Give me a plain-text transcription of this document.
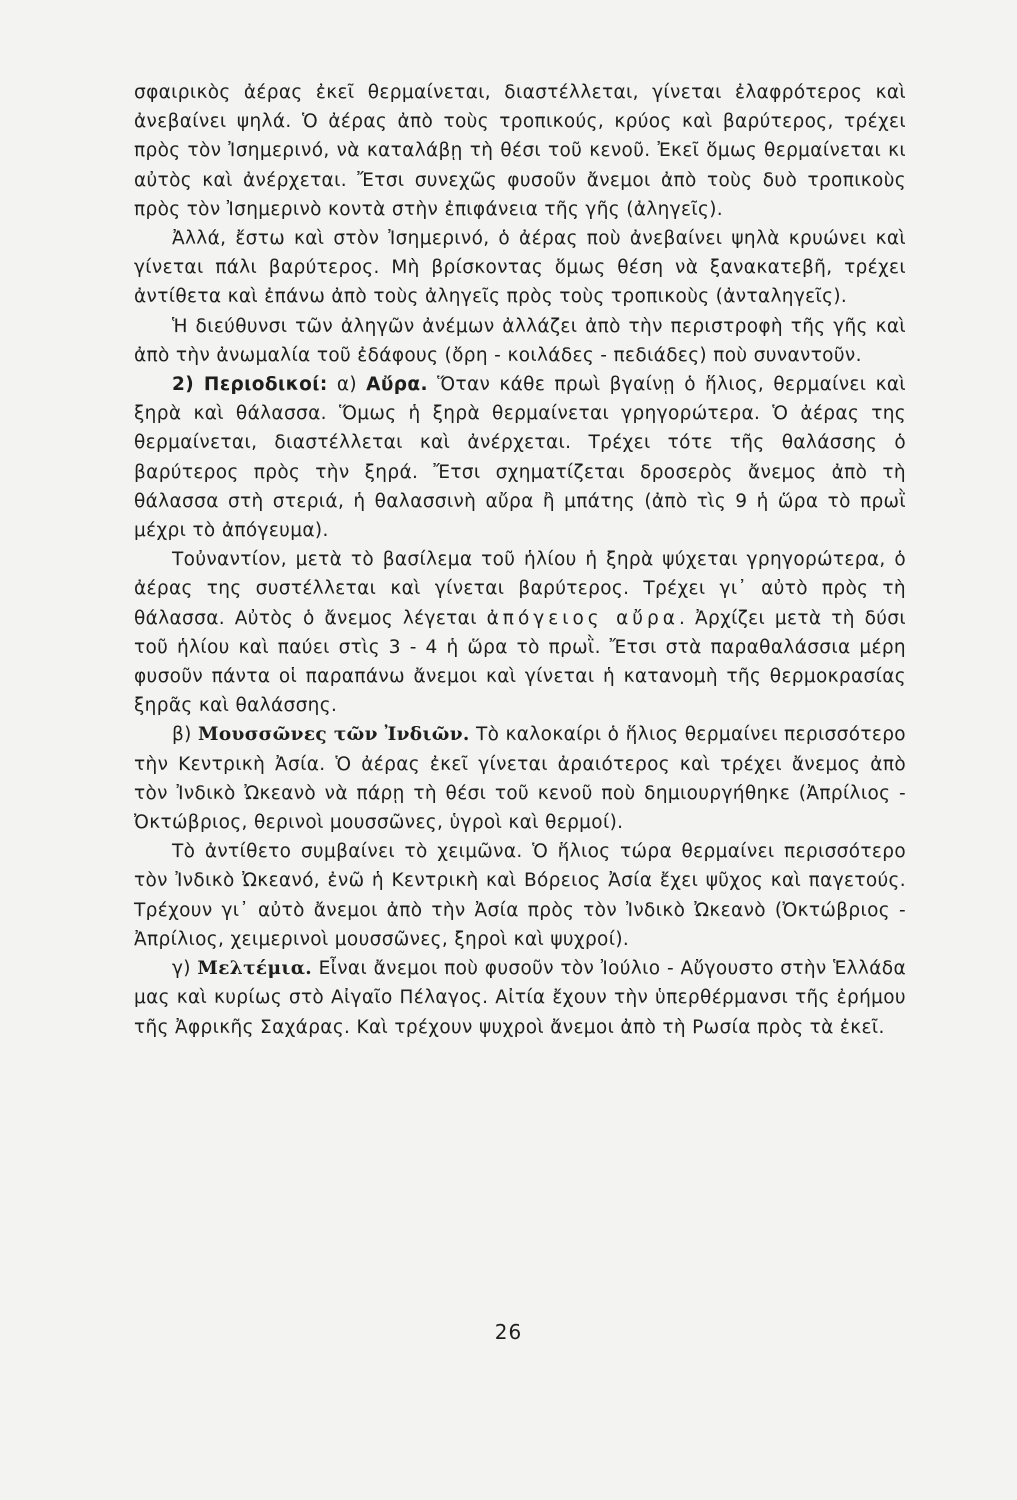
σφαιρικὸς ἀέρας ἐκεῖ θερμαίνεται, διαστέλλεται, γίνεται ἐλαφρότερος καὶ ἀνεβαίνει ψηλά. Ὁ ἀέρας ἀπὸ τοὺς τροπικούς, κρύος καὶ βαρύτερος, τρέχει πρὸς τὸν Ἰσημερινό, νὰ καταλάβῃ τὴ θέσι τοῦ κενοῦ. Ἐκεῖ ὅμως θερμαίνεται κι αὐτὸς καὶ ἀνέρχεται. Ἔτσι συνεχῶς φυσοῦν ἄνεμοι ἀπὸ τοὺς δυὸ τροπικοὺς πρὸς τὸν Ἰσημερινὸ κοντὰ στὴν ἐπιφάνεια τῆς γῆς (ἀληγεῖς).

Ἀλλά, ἔστω καὶ στὸν Ἰσημερινό, ὁ ἀέρας ποὺ ἀνεβαίνει ψηλὰ κρυώνει καὶ γίνεται πάλι βαρύτερος. Μὴ βρίσκοντας ὅμως θέση νὰ ξανακατεβῆ, τρέχει ἀντίθετα καὶ ἐπάνω ἀπὸ τοὺς ἀληγεῖς πρὸς τοὺς τροπικοὺς (ἀνταληγεῖς).

Ἡ διεύθυνσι τῶν ἀληγῶν ἀνέμων ἀλλάζει ἀπὸ τὴν περιστροφὴ τῆς γῆς καὶ ἀπὸ τὴν ἀνωμαλία τοῦ ἐδάφους (ὄρη - κοιλάδες - πεδιάδες) ποὺ συναντοῦν.

2) Περιοδικοί: α) Αὔρα. Ὅταν κάθε πρωὶ βγαίνῃ ὁ ἥλιος, θερμαίνει καὶ ξηρὰ καὶ θάλασσα. Ὅμως ἡ ξηρὰ θερμαίνεται γρηγορώτερα. Ὁ ἀέρας της θερμαίνεται, διαστέλλεται καὶ ἀνέρχεται. Τρέχει τότε τῆς θαλάσσης ὁ βαρύτερος πρὸς τὴν ξηρά. Ἔτσι σχηματίζεται δροσερὸς ἄνεμος ἀπὸ τὴ θάλασσα στὴ στεριά, ἡ θαλασσινὴ αὔρα ἢ μπάτης (ἀπὸ τὶς 9 ἡ ὥρα τὸ πρωῒ μέχρι τὸ ἀπόγευμα).

Τοὐναντίον, μετὰ τὸ βασίλεμα τοῦ ἡλίου ἡ ξηρὰ ψύχεται γρηγορώτερα, ὁ ἀέρας της συστέλλεται καὶ γίνεται βαρύτερος. Τρέχει γι᾽ αὐτὸ πρὸς τὴ θάλασσα. Αὐτὸς ὁ ἄνεμος λέγεται ἀπόγειος αὔρα. Ἀρχίζει μετὰ τὴ δύσι τοῦ ἡλίου καὶ παύει στὶς 3 - 4 ἡ ὥρα τὸ πρωῒ. Ἔτσι στὰ παραθαλάσσια μέρη φυσοῦν πάντα οἱ παραπάνω ἄνεμοι καὶ γίνεται ἡ κατανομὴ τῆς θερμοκρασίας ξηρᾶς καὶ θαλάσσης.

β) Μουσσῶνες τῶν Ἰνδιῶν. Τὸ καλοκαίρι ὁ ἥλιος θερμαίνει περισσότερο τὴν Κεντρικὴ Ἀσία. Ὁ ἀέρας ἐκεῖ γίνεται ἀραιότερος καὶ τρέχει ἄνεμος ἀπὸ τὸν Ἰνδικὸ Ὠκεανὸ νὰ πάρῃ τὴ θέσι τοῦ κενοῦ ποὺ δημιουργήθηκε (Ἀπρίλιος - Ὀκτώβριος, θερινοὶ μουσσῶνες, ὑγροὶ καὶ θερμοί).

Τὸ ἀντίθετο συμβαίνει τὸ χειμῶνα. Ὁ ἥλιος τώρα θερμαίνει περισσότερο τὸν Ἰνδικὸ Ὠκεανό, ἐνῶ ἡ Κεντρικὴ καὶ Βόρειος Ἀσία ἔχει ψῦχος καὶ παγετούς. Τρέχουν γι᾽ αὐτὸ ἄνεμοι ἀπὸ τὴν Ἀσία πρὸς τὸν Ἰνδικὸ Ὠκεανὸ (Ὀκτώβριος - Ἀπρίλιος, χειμερινοὶ μουσσῶνες, ξηροὶ καὶ ψυχροί).

γ) Μελτέμια. Εἶναι ἄνεμοι ποὺ φυσοῦν τὸν Ἰούλιο - Αὔγουστο στὴν Ἑλλάδα μας καὶ κυρίως στὸ Αἰγαῖο Πέλαγος. Αἰτία ἔχουν τὴν ὑπερθέρμανσι τῆς ἐρήμου τῆς Ἀφρικῆς Σαχάρας. Καὶ τρέχουν ψυχροὶ ἄνεμοι ἀπὸ τὴ Ρωσία πρὸς τὰ ἐκεῖ.

26
